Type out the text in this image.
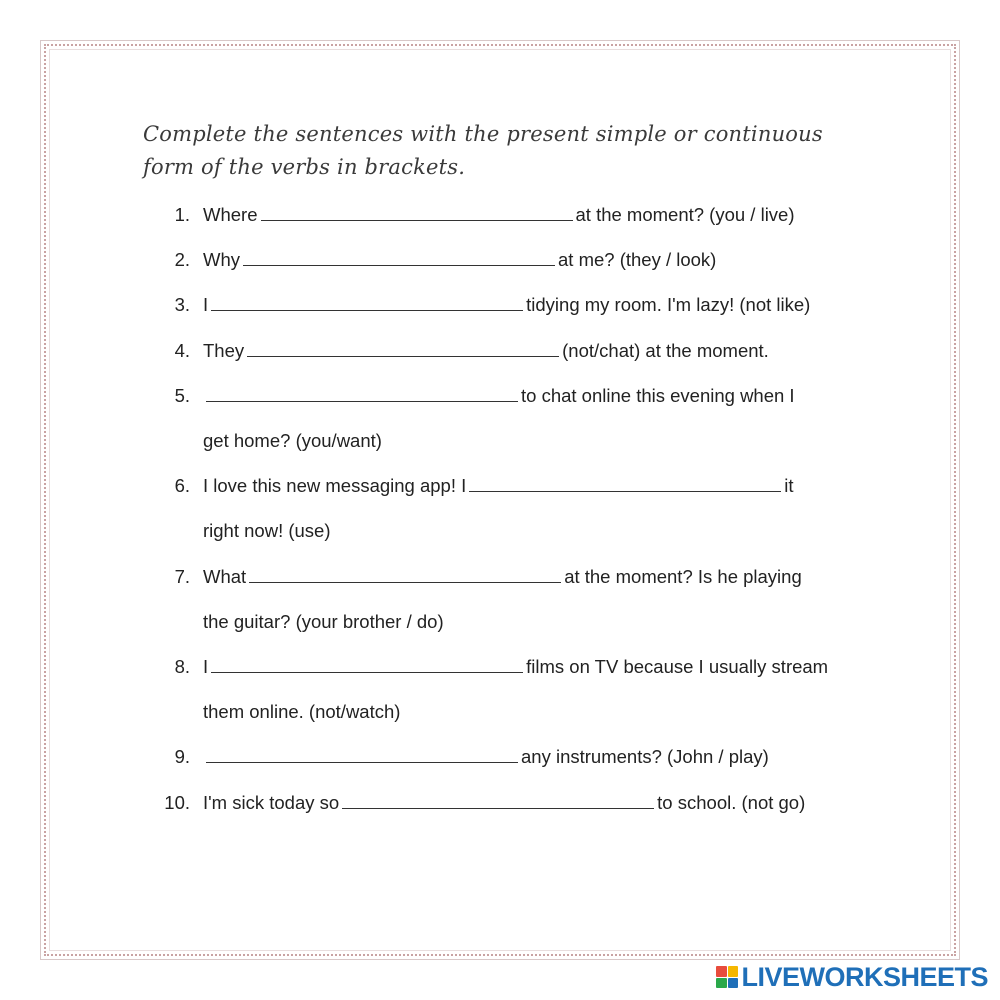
Complete the sentences with the present simple or continuous form of the verbs in brackets.
1. Where	at the moment? (you / live)
2. Why	at me? (they / look)
3. I	tidying my room. I'm lazy! (not like)
4. They	(not/chat) at the moment.
5.	to chat online this evening when I
get home? (you/want)
6. I love this new messaging app! I	it
right now! (use)
7. What	at the moment? Is he playing
the guitar? (your brother / do)
8. I	films on TV because I usually stream
them online. (not/watch)
9.	any instruments? (John / play)
10. I'm sick today so	to school. (not go)
LIVEWORKSHEETS
